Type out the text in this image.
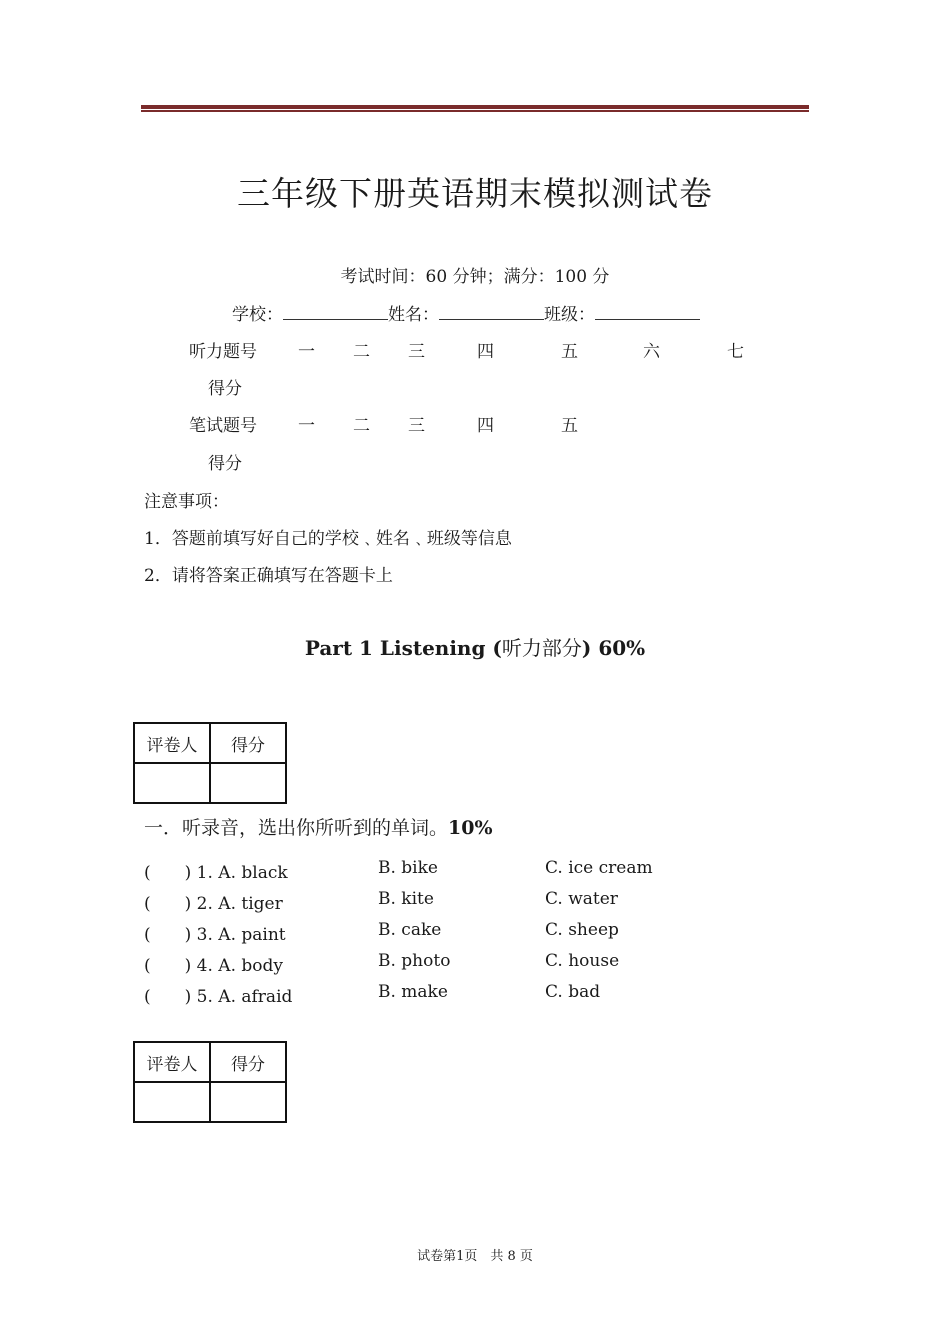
三年级下册英语期末模拟测试卷
考试时间：60 分钟；满分：100 分
学校：	姓名：	班级：
听力题号 一 二 三	四	五	六	七
得分
笔试题号 一 二 三	四	五
得分
注意事项：
1．答题前填写好自己的学校﹑姓名﹑班级等信息
2．请将答案正确填写在答题卡上
Part 1 Listening (听力部分) 60%
评卷人	得分

一．听录音，选出你所听到的单词。10%
(　　) 1. A. black	B. bike	C. ice cream
(　　) 2. A. tiger	B. kite	C. water
(　　) 3. A. paint	B. cake	C. sheep
(　　) 4. A. body	B. photo	C. house
(　　) 5. A. afraid	B. make	C. bad
评卷人	得分

试卷第1页　共 8 页
